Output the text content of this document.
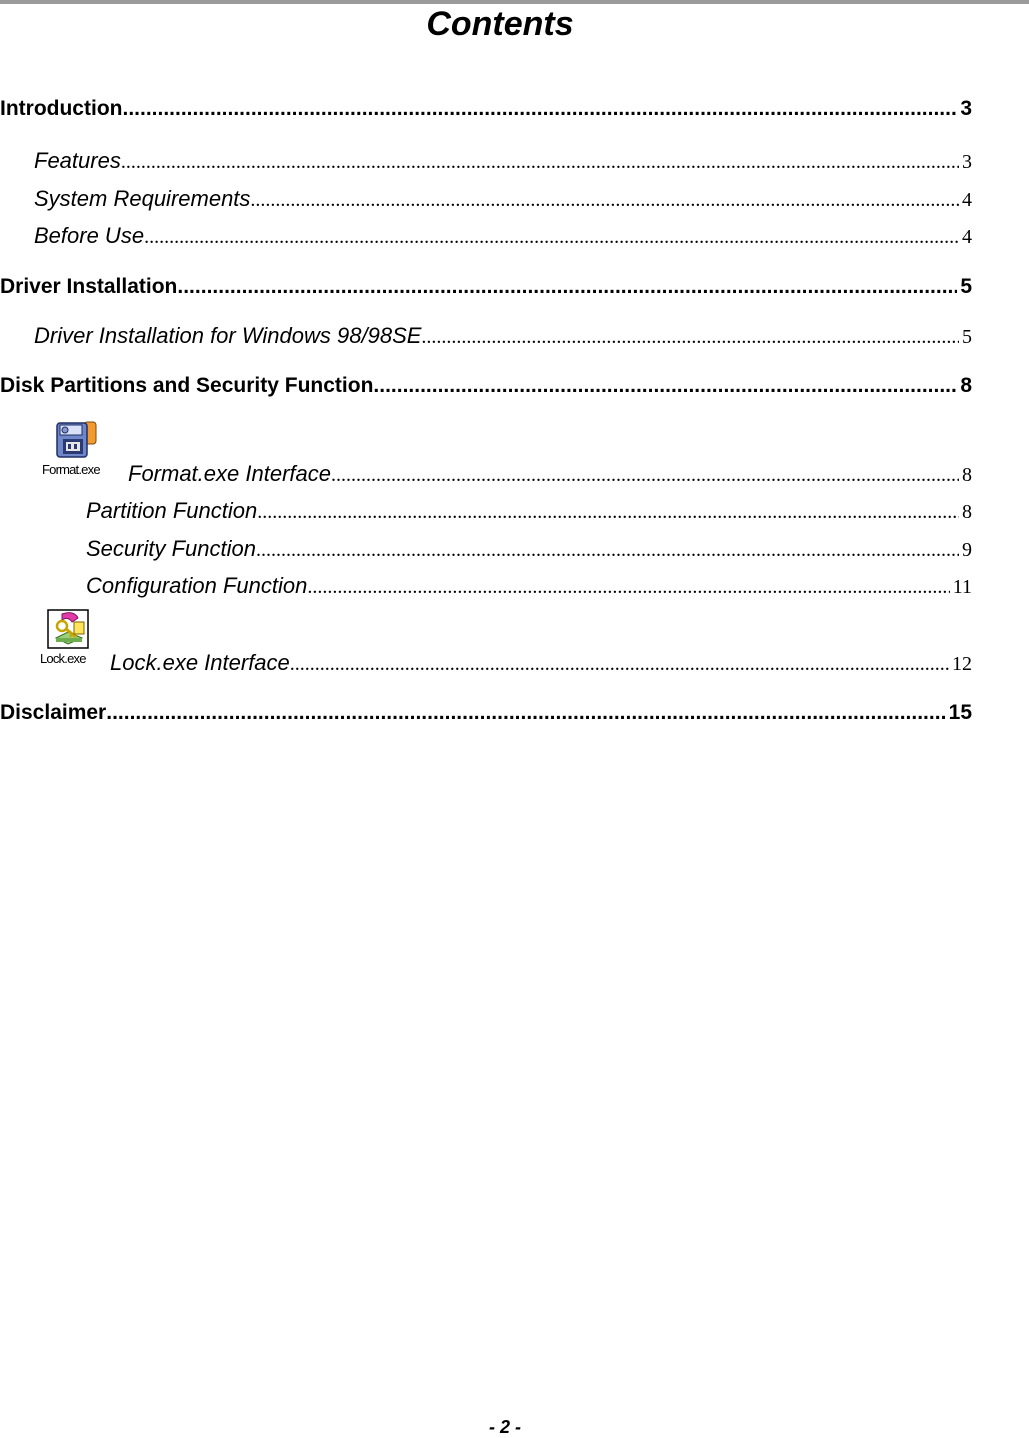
Contents
Introduction .....	3
Features .....	3
System Requirements .....	4
Before Use .....	4
Driver Installation .....	5
Driver Installation for Windows 98/98SE .....	5
Disk Partitions and Security Function .....	8
Format.exe Format.exe Interface .....	8
Partition Function .....	8
Security Function .....	9
Configuration Function .....	11
Lock.exe Lock.exe Interface .....	12
Disclaimer .....	15
- 2 -
